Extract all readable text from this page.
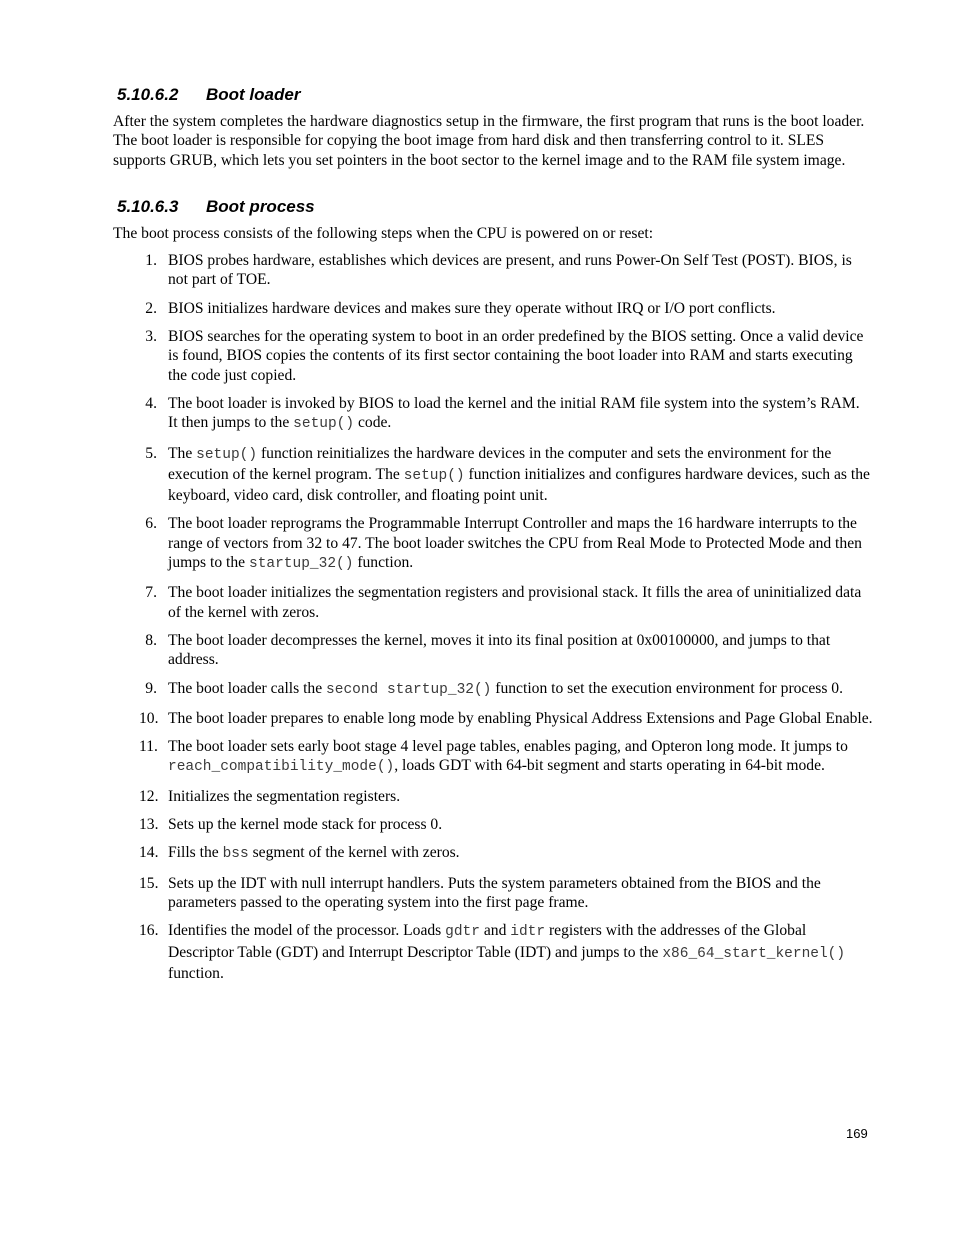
5.10.6.2 Boot loader

After the system completes the hardware diagnostics setup in the firmware, the first program that runs is the boot loader. The boot loader is responsible for copying the boot image from hard disk and then transferring control to it. SLES supports GRUB, which lets you set pointers in the boot sector to the kernel image and to the RAM file system image.

5.10.6.3 Boot process

The boot process consists of the following steps when the CPU is powered on or reset:

1. BIOS probes hardware, establishes which devices are present, and runs Power-On Self Test (POST). BIOS, is not part of TOE.
2. BIOS initializes hardware devices and makes sure they operate without IRQ or I/O port conflicts.
3. BIOS searches for the operating system to boot in an order predefined by the BIOS setting. Once a valid device is found, BIOS copies the contents of its first sector containing the boot loader into RAM and starts executing the code just copied.
4. The boot loader is invoked by BIOS to load the kernel and the initial RAM file system into the system’s RAM. It then jumps to the setup() code.
5. The setup() function reinitializes the hardware devices in the computer and sets the environment for the execution of the kernel program. The setup() function initializes and configures hardware devices, such as the keyboard, video card, disk controller, and floating point unit.
6. The boot loader reprograms the Programmable Interrupt Controller and maps the 16 hardware interrupts to the range of vectors from 32 to 47. The boot loader switches the CPU from Real Mode to Protected Mode and then jumps to the startup_32() function.
7. The boot loader initializes the segmentation registers and provisional stack. It fills the area of uninitialized data of the kernel with zeros.
8. The boot loader decompresses the kernel, moves it into its final position at 0x00100000, and jumps to that address.
9. The boot loader calls the second startup_32() function to set the execution environment for process 0.
10. The boot loader prepares to enable long mode by enabling Physical Address Extensions and Page Global Enable.
11. The boot loader sets early boot stage 4 level page tables, enables paging, and Opteron long mode. It jumps to reach_compatibility_mode(), loads GDT with 64-bit segment and starts operating in 64-bit mode.
12. Initializes the segmentation registers.
13. Sets up the kernel mode stack for process 0.
14. Fills the bss segment of the kernel with zeros.
15. Sets up the IDT with null interrupt handlers. Puts the system parameters obtained from the BIOS and the parameters passed to the operating system into the first page frame.
16. Identifies the model of the processor. Loads gdtr and idtr registers with the addresses of the Global Descriptor Table (GDT) and Interrupt Descriptor Table (IDT) and jumps to the x86_64_start_kernel() function.
169
